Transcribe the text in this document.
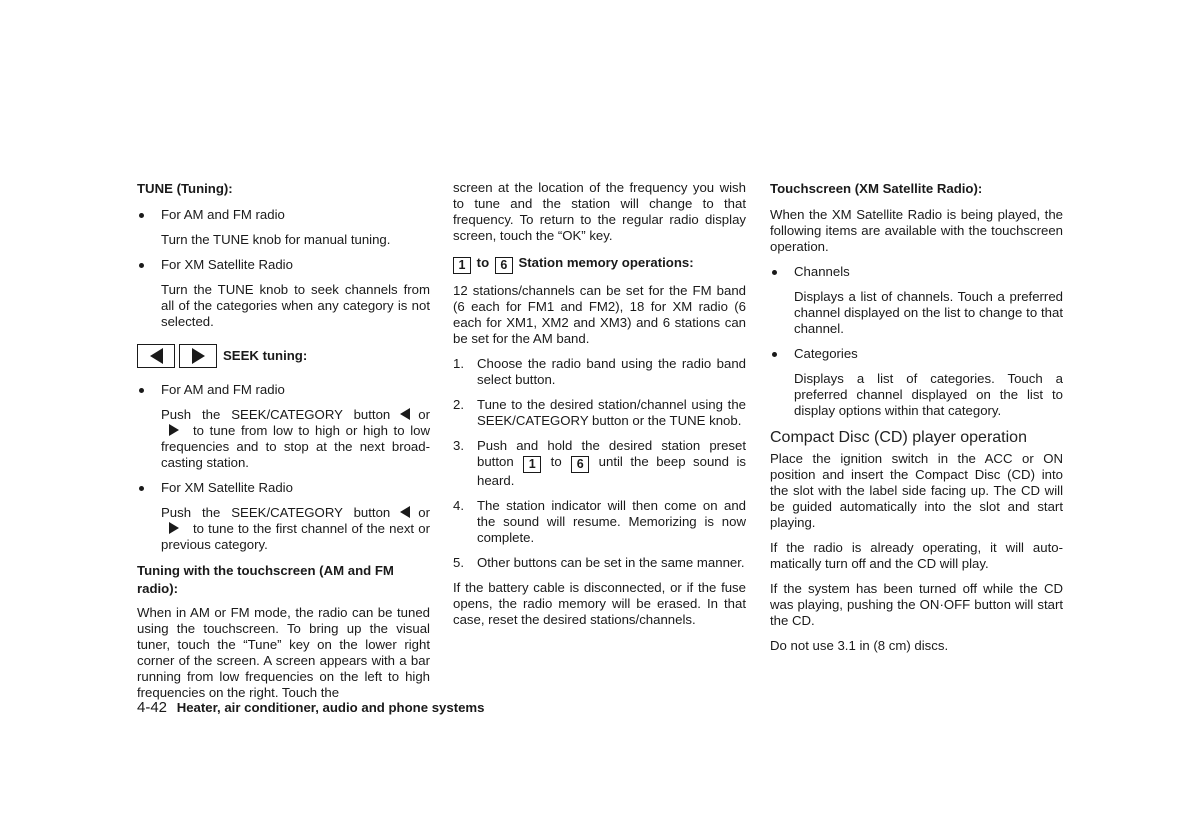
TUNE (Tuning):
For AM and FM radio
Turn the TUNE knob for manual tuning.
For XM Satellite Radio
Turn the TUNE knob to seek channels from all of the categories when any category is not selected.
SEEK tuning:
For AM and FM radio
Push the SEEK/CATEGORY button orto tune from low to high or high to low frequencies and to stop at the next broad-casting station.
For XM Satellite Radio
Push the SEEK/CATEGORY button orto tune to the first channel of the next or previous category.
Tuning with the touchscreen (AM and FM radio):

When in AM or FM mode, the radio can be tuned using the touchscreen. To bring up the visual tuner, touch the “Tune” key on the lower right corner of the screen. A screen appears with a bar running from low frequencies on the left to high frequencies on the right. Touch the

screen at the location of the frequency you wish to tune and the station will change to that frequency. To return to the regular radio display screen, touch the “OK” key.

1 to 6 Station memory operations:

12 stations/channels can be set for the FM band (6 each for FM1 and FM2), 18 for XM radio (6 each for XM1, XM2 and XM3) and 6 stations can be set for the AM band.

1. Choose the radio band using the radio band select button.
2. Tune to the desired station/channel using the SEEK/CATEGORY button or the TUNE knob.
3. Push and hold the desired station preset button 1 to 6 until the beep sound is heard.
4. The station indicator will then come on and the sound will resume. Memorizing is now complete.
5. Other buttons can be set in the same manner.

If the battery cable is disconnected, or if the fuse opens, the radio memory will be erased. In that case, reset the desired stations/channels.

Touchscreen (XM Satellite Radio):

When the XM Satellite Radio is being played, the following items are available with the touchscreen operation.

Channels
Displays a list of channels. Touch a preferred channel displayed on the list to change to that channel.
Categories
Displays a list of categories. Touch a preferred channel displayed on the list to display options within that category.
Compact Disc (CD) player operation

Place the ignition switch in the ACC or ON position and insert the Compact Disc (CD) into the slot with the label side facing up. The CD will be guided automatically into the slot and start playing.

If the radio is already operating, it will auto-matically turn off and the CD will play.

If the system has been turned off while the CD was playing, pushing the ON·OFF button will start the CD.

Do not use 3.1 in (8 cm) discs.

4-42 Heater, air conditioner, audio and phone systems
